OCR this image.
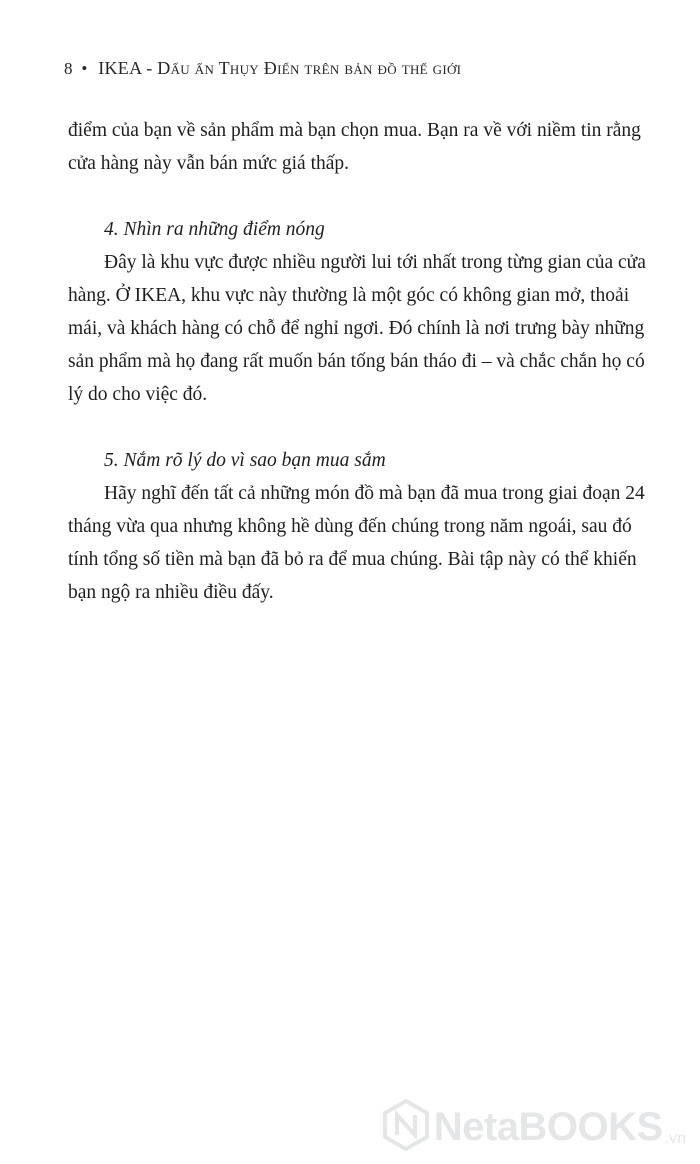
8 • IKEA - Dấu ấn Thụy Điển trên bản đồ thế giới

điểm của bạn về sản phẩm mà bạn chọn mua. Bạn ra về với niềm tin rằng cửa hàng này vẫn bán mức giá thấp.

4. Nhìn ra những điểm nóng

Đây là khu vực được nhiều người lui tới nhất trong từng gian của cửa hàng. Ở IKEA, khu vực này thường là một góc có không gian mở, thoải mái, và khách hàng có chỗ để nghỉ ngơi. Đó chính là nơi trưng bày những sản phẩm mà họ đang rất muốn bán tống bán tháo đi – và chắc chắn họ có lý do cho việc đó.

5. Nắm rõ lý do vì sao bạn mua sắm

Hãy nghĩ đến tất cả những món đồ mà bạn đã mua trong giai đoạn 24 tháng vừa qua nhưng không hề dùng đến chúng trong năm ngoái, sau đó tính tổng số tiền mà bạn đã bỏ ra để mua chúng. Bài tập này có thể khiến bạn ngộ ra nhiều điều đấy.

NetaBOOKS .vn
